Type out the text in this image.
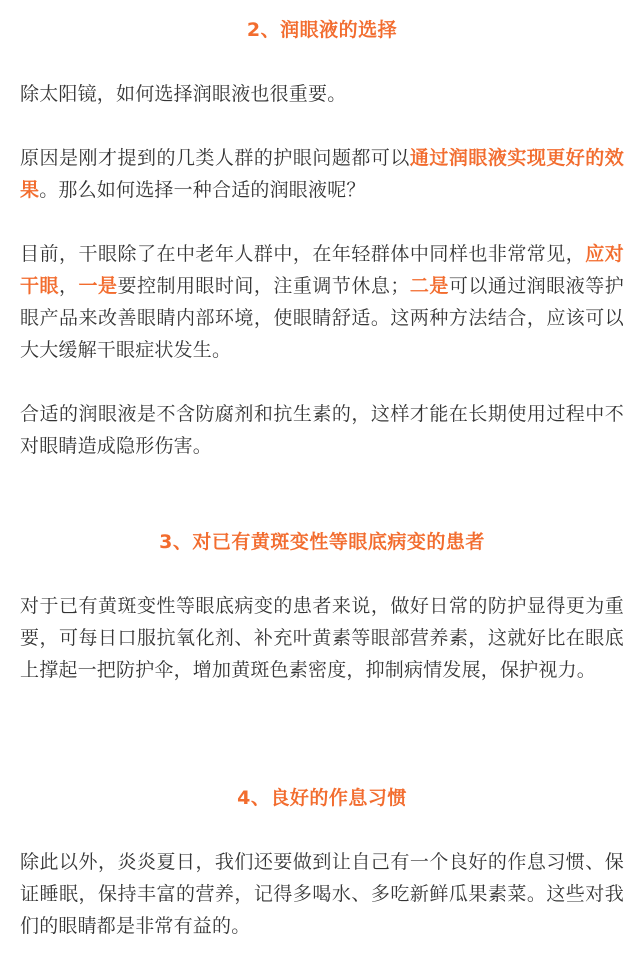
2、润眼液的选择

除太阳镜，如何选择润眼液也很重要。

原因是刚才提到的几类人群的护眼问题都可以通过润眼液实现更好的效果。那么如何选择一种合适的润眼液呢？

目前，干眼除了在中老年人群中，在年轻群体中同样也非常常见，应对干眼，一是要控制用眼时间，注重调节休息；二是可以通过润眼液等护眼产品来改善眼睛内部环境，使眼睛舒适。这两种方法结合，应该可以大大缓解干眼症状发生。

合适的润眼液是不含防腐剂和抗生素的，这样才能在长期使用过程中不对眼睛造成隐形伤害。

3、对已有黄斑变性等眼底病变的患者

对于已有黄斑变性等眼底病变的患者来说，做好日常的防护显得更为重要，可每日口服抗氧化剂、补充叶黄素等眼部营养素，这就好比在眼底上撑起一把防护伞，增加黄斑色素密度，抑制病情发展，保护视力。

4、良好的作息习惯

除此以外，炎炎夏日，我们还要做到让自己有一个良好的作息习惯、保证睡眠，保持丰富的营养，记得多喝水、多吃新鲜瓜果素菜。这些对我们的眼睛都是非常有益的。
